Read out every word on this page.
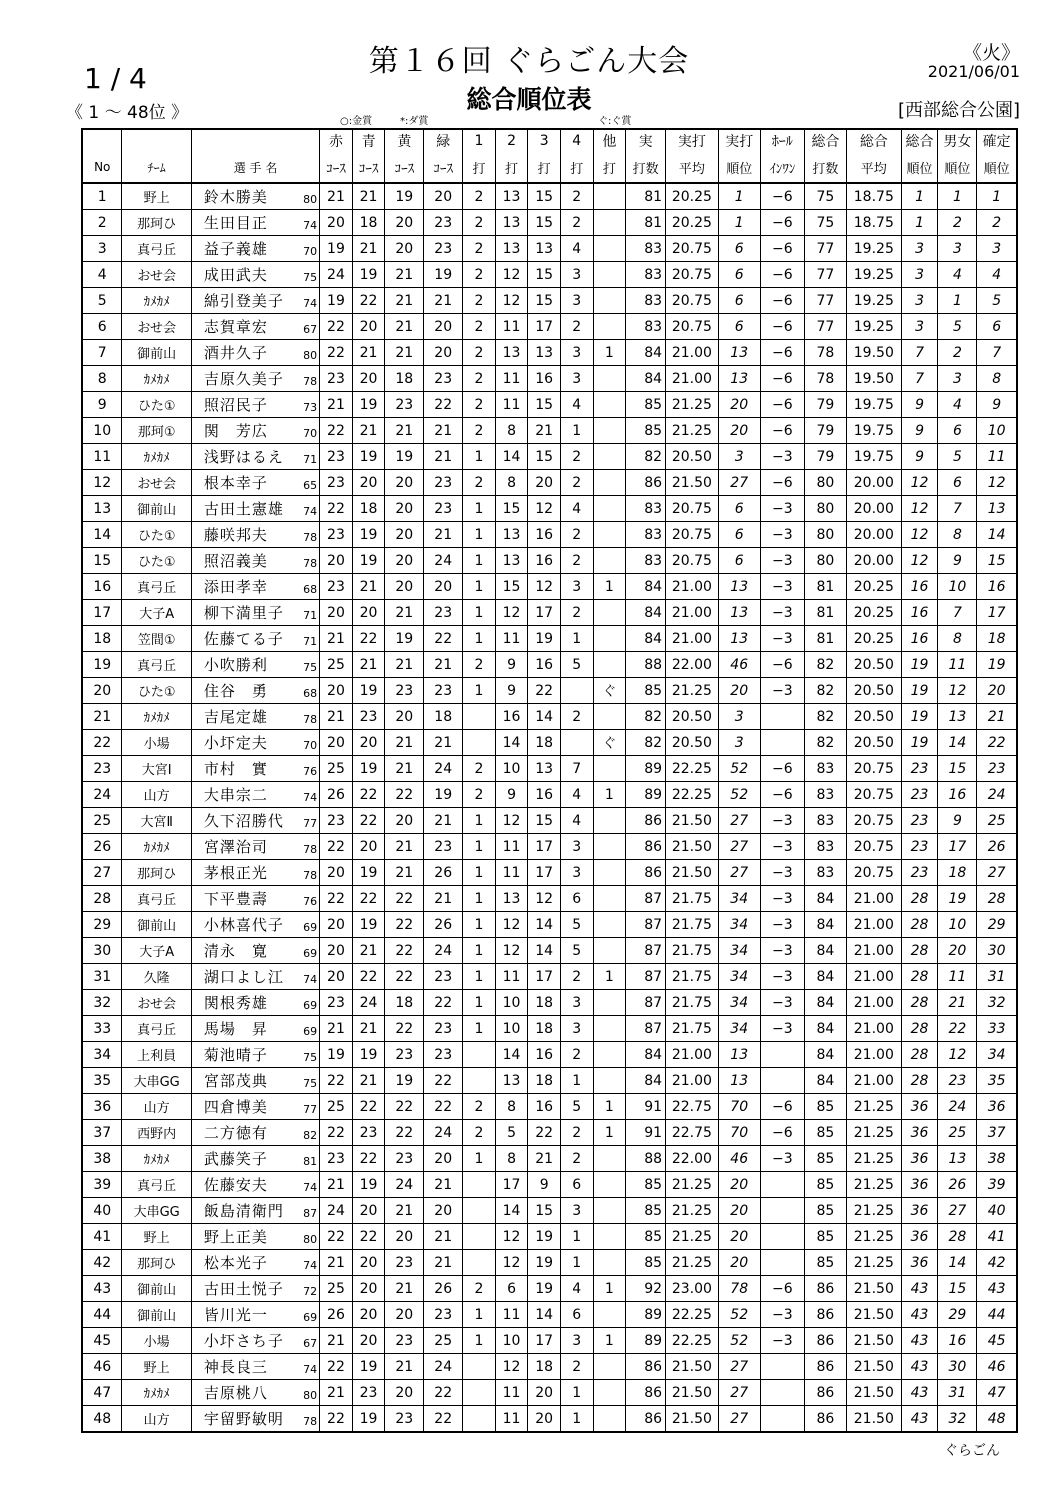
第１６回 ぐらごん大会
総合順位表
1 / 4
《 1 ～ 48位 》
《火》
2021/06/01
[西部総合公園]
○:金賞	*:ダ賞	ぐ:ぐ賞
			赤	青	黄	緑	1	2	3	4	他	実	実打	実打	ﾎｰﾙ	総合	総合	総合	男女	確定
No	ﾁｰﾑ	選 手 名	ｺｰｽ	ｺｰｽ	ｺｰｽ	ｺｰｽ	打	打	打	打	打	打数	平均	順位	ｲﾝﾜﾝ	打数	平均	順位	順位	順位
1	野上	鈴木勝美 80	21	21	19	20	2	13	15	2		81	20.25	1	−6	75	18.75	1	1	1
2	那珂ひ	生田目正 74	20	18	20	23	2	13	15	2		81	20.25	1	−6	75	18.75	1	2	2
3	真弓丘	益子義雄 70	19	21	20	23	2	13	13	4		83	20.75	6	−6	77	19.25	3	3	3
4	おせ会	成田武夫 75	24	19	21	19	2	12	15	3		83	20.75	6	−6	77	19.25	3	4	4
5	ｶﾒｶﾒ	綿引登美子 74	19	22	21	21	2	12	15	3		83	20.75	6	−6	77	19.25	3	1	5
6	おせ会	志賀章宏 67	22	20	21	20	2	11	17	2		83	20.75	6	−6	77	19.25	3	5	6
7	御前山	酒井久子 80	22	21	21	20	2	13	13	3	1	84	21.00	13	−6	78	19.50	7	2	7
8	ｶﾒｶﾒ	吉原久美子 78	23	20	18	23	2	11	16	3		84	21.00	13	−6	78	19.50	7	3	8
9	ひた①	照沼民子 73	21	19	23	22	2	11	15	4		85	21.25	20	−6	79	19.75	9	4	9
10	那珂①	関　芳広 70	22	21	21	21	2	8	21	1		85	21.25	20	−6	79	19.75	9	6	10
11	ｶﾒｶﾒ	浅野はるえ 71	23	19	19	21	1	14	15	2		82	20.50	3	−3	79	19.75	9	5	11
12	おせ会	根本幸子 65	23	20	20	23	2	8	20	2		86	21.50	27	−6	80	20.00	12	6	12
13	御前山	古田土憲雄 74	22	18	20	23	1	15	12	4		83	20.75	6	−3	80	20.00	12	7	13
14	ひた①	藤咲邦夫 78	23	19	20	21	1	13	16	2		83	20.75	6	−3	80	20.00	12	8	14
15	ひた①	照沼義美 78	20	19	20	24	1	13	16	2		83	20.75	6	−3	80	20.00	12	9	15
16	真弓丘	添田孝幸 68	23	21	20	20	1	15	12	3	1	84	21.00	13	−3	81	20.25	16	10	16
17	大子A	柳下満里子 71	20	20	21	23	1	12	17	2		84	21.00	13	−3	81	20.25	16	7	17
18	笠間①	佐藤てる子 71	21	22	19	22	1	11	19	1		84	21.00	13	−3	81	20.25	16	8	18
19	真弓丘	小吹勝利 75	25	21	21	21	2	9	16	5		88	22.00	46	−6	82	20.50	19	11	19
20	ひた①	住谷　勇 68	20	19	23	23	1	9	22		ぐ	85	21.25	20	−3	82	20.50	19	12	20
21	ｶﾒｶﾒ	吉尾定雄 78	21	23	20	18		16	14	2		82	20.50	3		82	20.50	19	13	21
22	小場	小圷定夫 70	20	20	21	21		14	18		ぐ	82	20.50	3		82	20.50	19	14	22
23	大宮Ⅰ	市村　實 76	25	19	21	24	2	10	13	7		89	22.25	52	−6	83	20.75	23	15	23
24	山方	大串宗二 74	26	22	22	19	2	9	16	4	1	89	22.25	52	−6	83	20.75	23	16	24
25	大宮Ⅱ	久下沼勝代 77	23	22	20	21	1	12	15	4		86	21.50	27	−3	83	20.75	23	9	25
26	ｶﾒｶﾒ	宮澤治司 78	22	20	21	23	1	11	17	3		86	21.50	27	−3	83	20.75	23	17	26
27	那珂ひ	茅根正光 78	20	19	21	26	1	11	17	3		86	21.50	27	−3	83	20.75	23	18	27
28	真弓丘	下平豊壽 76	22	22	22	21	1	13	12	6		87	21.75	34	−3	84	21.00	28	19	28
29	御前山	小林喜代子 69	20	19	22	26	1	12	14	5		87	21.75	34	−3	84	21.00	28	10	29
30	大子A	清永　寛 69	20	21	22	24	1	12	14	5		87	21.75	34	−3	84	21.00	28	20	30
31	久隆	湖口よし江 74	20	22	22	23	1	11	17	2	1	87	21.75	34	−3	84	21.00	28	11	31
32	おせ会	関根秀雄 69	23	24	18	22	1	10	18	3		87	21.75	34	−3	84	21.00	28	21	32
33	真弓丘	馬場　昇 69	21	21	22	23	1	10	18	3		87	21.75	34	−3	84	21.00	28	22	33
34	上利員	菊池晴子 75	19	19	23	23		14	16	2		84	21.00	13		84	21.00	28	12	34
35	大串GG	宮部茂典 75	22	21	19	22		13	18	1		84	21.00	13		84	21.00	28	23	35
36	山方	四倉博美 77	25	22	22	22	2	8	16	5	1	91	22.75	70	−6	85	21.25	36	24	36
37	西野内	二方徳有 82	22	23	22	24	2	5	22	2	1	91	22.75	70	−6	85	21.25	36	25	37
38	ｶﾒｶﾒ	武藤笑子 81	23	22	23	20	1	8	21	2		88	22.00	46	−3	85	21.25	36	13	38
39	真弓丘	佐藤安夫 74	21	19	24	21		17	9	6		85	21.25	20		85	21.25	36	26	39
40	大串GG	飯島清衛門 87	24	20	21	20		14	15	3		85	21.25	20		85	21.25	36	27	40
41	野上	野上正美 80	22	22	20	21		12	19	1		85	21.25	20		85	21.25	36	28	41
42	那珂ひ	松本光子 74	21	20	23	21		12	19	1		85	21.25	20		85	21.25	36	14	42
43	御前山	古田土悦子 72	25	20	21	26	2	6	19	4	1	92	23.00	78	−6	86	21.50	43	15	43
44	御前山	皆川光一 69	26	20	20	23	1	11	14	6		89	22.25	52	−3	86	21.50	43	29	44
45	小場	小圷さち子 67	21	20	23	25	1	10	17	3	1	89	22.25	52	−3	86	21.50	43	16	45
46	野上	神長良三 74	22	19	21	24		12	18	2		86	21.50	27		86	21.50	43	30	46
47	ｶﾒｶﾒ	吉原桃八 80	21	23	20	22		11	20	1		86	21.50	27		86	21.50	43	31	47
48	山方	宇留野敏明 78	22	19	23	22		11	20	1		86	21.50	27		86	21.50	43	32	48
ぐらごん
